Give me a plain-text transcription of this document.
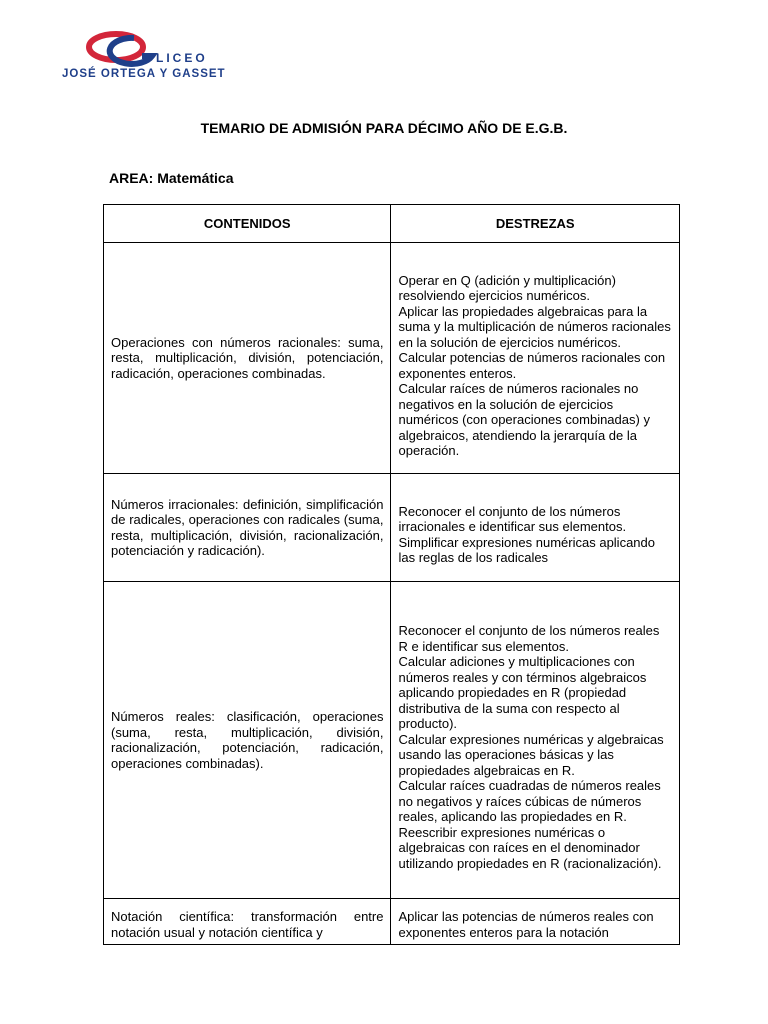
LICEO
JOSÉ ORTEGA Y GASSET
TEMARIO DE ADMISIÓN PARA DÉCIMO AÑO DE E.G.B.
AREA: Matemática
CONTENIDOS	DESTREZAS
Operaciones con números racionales: suma, resta, multiplicación, división, potenciación, radicación, operaciones combinadas.	Operar en Q (adición y multiplicación) resolviendo ejercicios numéricos.
Aplicar las propiedades algebraicas para la suma y la multiplicación de números racionales en la solución de ejercicios numéricos.
Calcular potencias de números racionales con exponentes enteros.
Calcular raíces de números racionales no negativos en la solución de ejercicios numéricos (con operaciones combinadas) y algebraicos, atendiendo la jerarquía de la operación.

Números irracionales: definición, simplificación de radicales, operaciones con radicales (suma, resta, multiplicación, división, racionalización, potenciación y radicación).	Reconocer el conjunto de los números irracionales e identificar sus elementos.
Simplificar expresiones numéricas aplicando las reglas de los radicales

Números reales: clasificación, operaciones (suma, resta, multiplicación, división, racionalización, potenciación, radicación, operaciones combinadas).	Reconocer el conjunto de los números reales R e identificar sus elementos.
Calcular adiciones y multiplicaciones con números reales y con términos algebraicos aplicando propiedades en R (propiedad distributiva de la suma con respecto al producto).
Calcular expresiones numéricas y algebraicas usando las operaciones básicas y las propiedades algebraicas en R.
Calcular raíces cuadradas de números reales no negativos y raíces cúbicas de números reales, aplicando las propiedades en R.
Reescribir expresiones numéricas o algebraicas con raíces en el denominador utilizando propiedades en R (racionalización).

Notación científica: transformación entre notación usual y notación científica y	Aplicar las potencias de números reales con exponentes enteros para la notación
